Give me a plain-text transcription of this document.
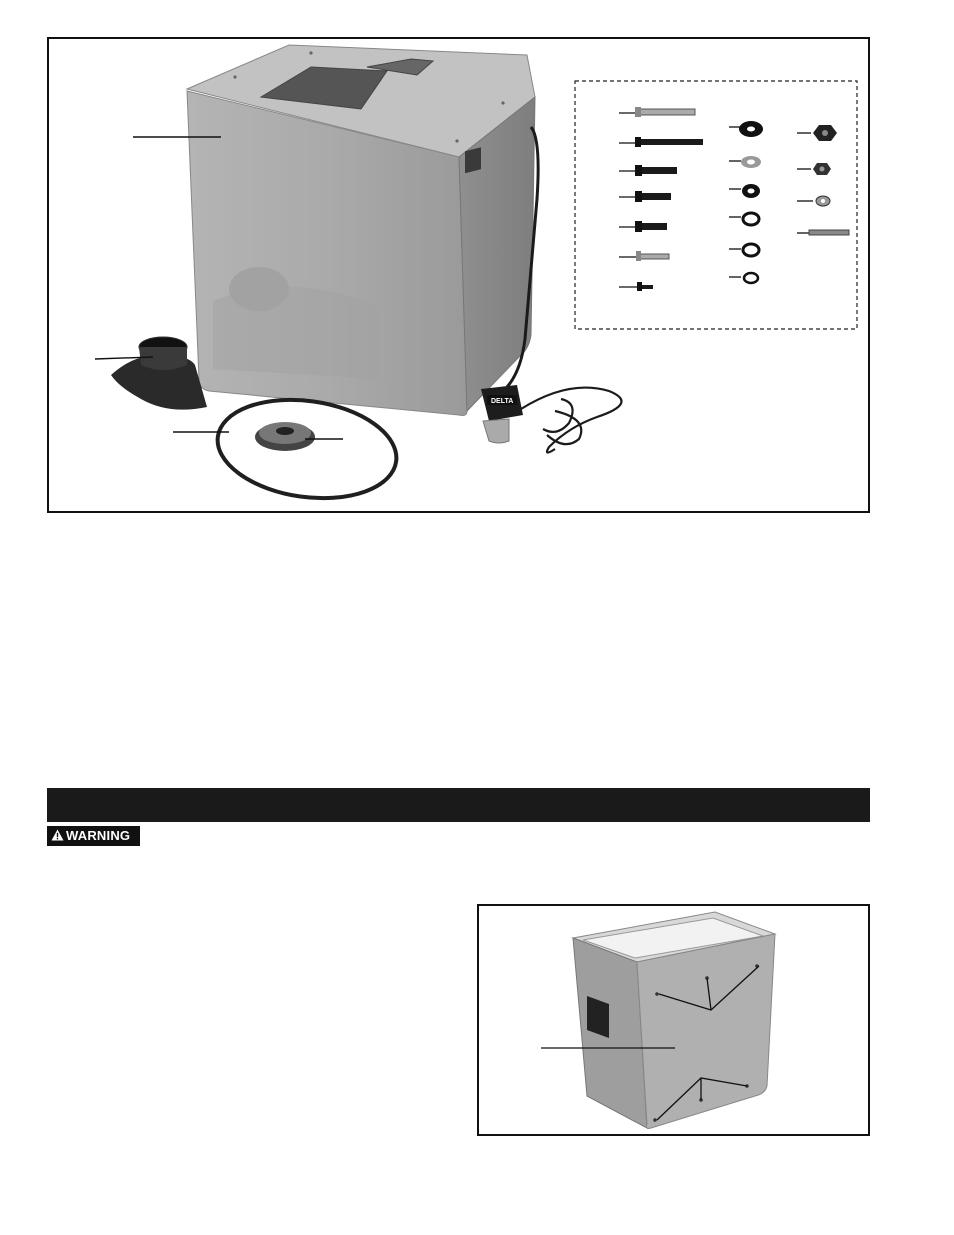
DELTA
WARNING
